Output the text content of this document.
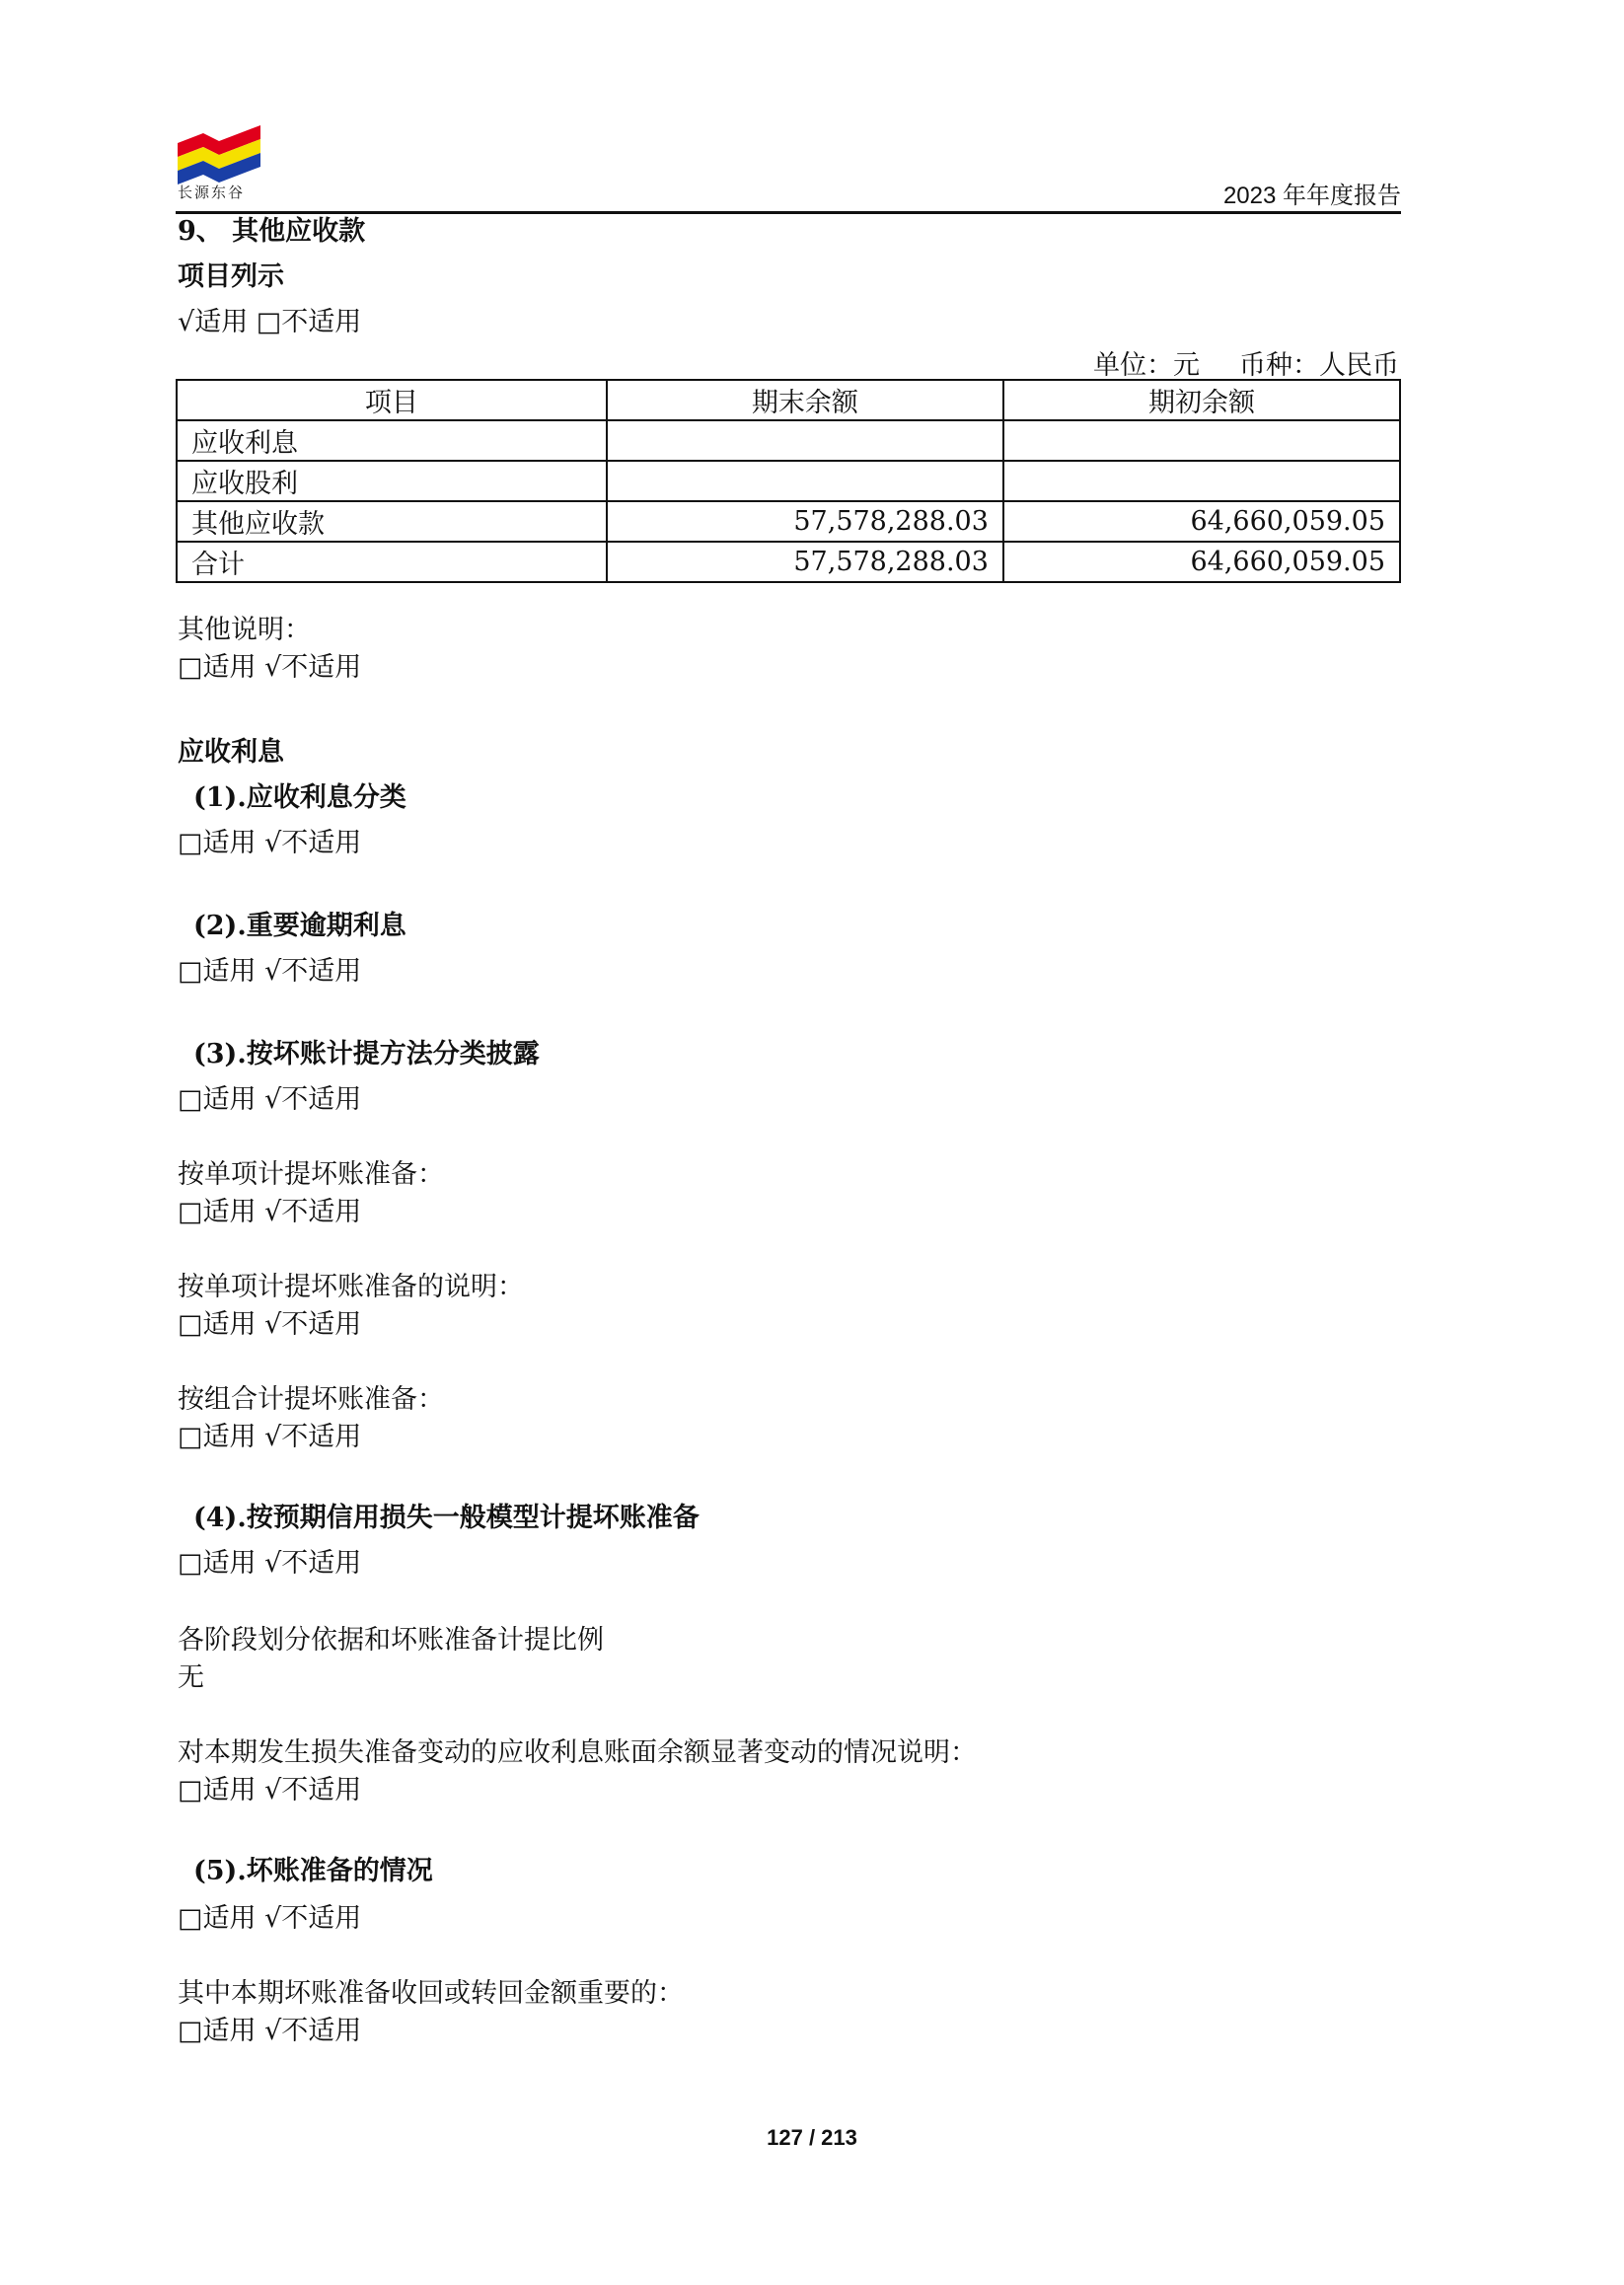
长源东谷	2023 年年度报告
9、 其他应收款
项目列示
√适用 □不适用
单位：元 币种：人民币
项目	期末余额	期初余额
应收利息		
应收股利		
其他应收款	57,578,288.03	64,660,059.05
合计	57,578,288.03	64,660,059.05
其他说明：
□适用 √不适用
应收利息
(1).应收利息分类
□适用 √不适用
(2).重要逾期利息
□适用 √不适用
(3).按坏账计提方法分类披露
□适用 √不适用
按单项计提坏账准备：
□适用 √不适用
按单项计提坏账准备的说明：
□适用 √不适用
按组合计提坏账准备：
□适用 √不适用
(4).按预期信用损失一般模型计提坏账准备
□适用 √不适用
各阶段划分依据和坏账准备计提比例
无
对本期发生损失准备变动的应收利息账面余额显著变动的情况说明：
□适用 √不适用
(5).坏账准备的情况
□适用 √不适用
其中本期坏账准备收回或转回金额重要的：
□适用 √不适用
127 / 213
